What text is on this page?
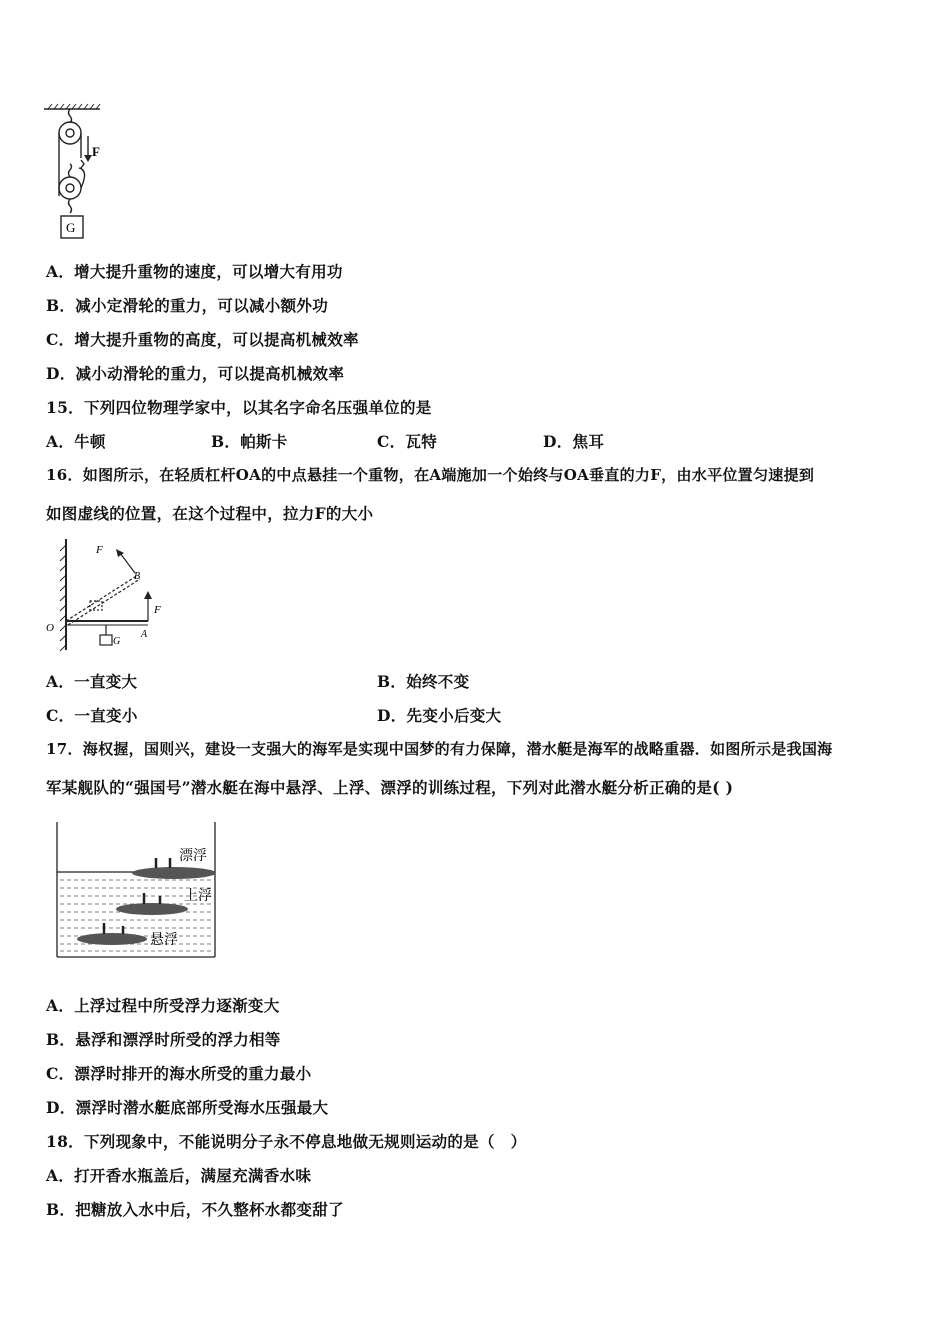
F
G
A．增大提升重物的速度，可以增大有用功
B．减小定滑轮的重力，可以减小额外功
C．增大提升重物的高度，可以提高机械效率
D．减小动滑轮的重力，可以提高机械效率
15．下列四位物理学家中，以其名字命名压强单位的是
A．牛顿	B．帕斯卡	C．瓦特	D．焦耳
16．如图所示，在轻质杠杆OA的中点悬挂一个重物，在A端施加一个始终与OA垂直的力F，由水平位置匀速提到
如图虚线的位置，在这个过程中，拉力F的大小
F
B
F
O
G
A
A．一直变大	B．始终不变
C．一直变小	D．先变小后变大
17．海权握，国则兴，建设一支强大的海军是实现中国梦的有力保障，潜水艇是海军的战略重器．如图所示是我国海
军某舰队的“强国号”潜水艇在海中悬浮、上浮、漂浮的训练过程，下列对此潜水艇分析正确的是( )
漂浮
上浮
悬浮
A．上浮过程中所受浮力逐渐变大
B．悬浮和漂浮时所受的浮力相等
C．漂浮时排开的海水所受的重力最小
D．漂浮时潜水艇底部所受海水压强最大
18．下列现象中，不能说明分子永不停息地做无规则运动的是（　）
A．打开香水瓶盖后，满屋充满香水味
B．把糖放入水中后，不久整杯水都变甜了
